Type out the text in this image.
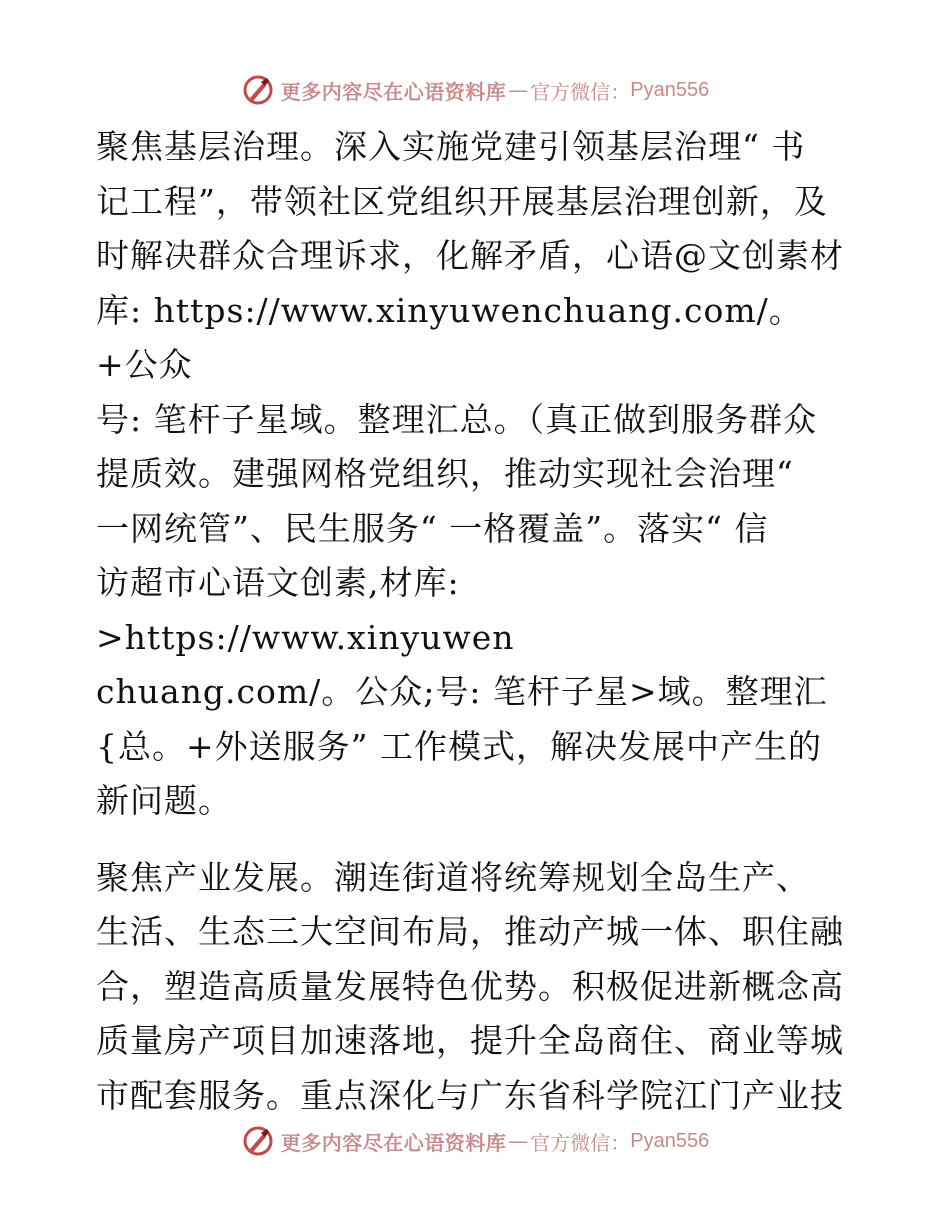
更多内容尽在心语资料库 — 官方微信： Pyan556

聚焦基层治理。深入实施党建引领基层治理“ 书
记工程”，带领社区党组织开展基层治理创新，及
时解决群众合理诉求，化解矛盾，心语@文创素材
库: https://www.xinyuwenchuang.com/。+公众
号: 笔杆子星域。整理汇总。（真正做到服务群众
提质效。建强网格党组织，推动实现社会治理“
一网统管”、民生服务“ 一格覆盖”。落实“ 信
访超市心语文创素,材库: >https://www.xinyuwen
chuang.com/。公众;号: 笔杆子星>域。整理汇
{总。+外送服务” 工作模式，解决发展中产生的
新问题。

聚焦产业发展。潮连街道将统筹规划全岛生产、
生活、生态三大空间布局，推动产城一体、职住融
合，塑造高质量发展特色优势。积极促进新概念高
质量房产项目加速落地，提升全岛商住、商业等城
市配套服务。重点深化与广东省科学院江门产业技

更多内容尽在心语资料库 — 官方微信： Pyan556
